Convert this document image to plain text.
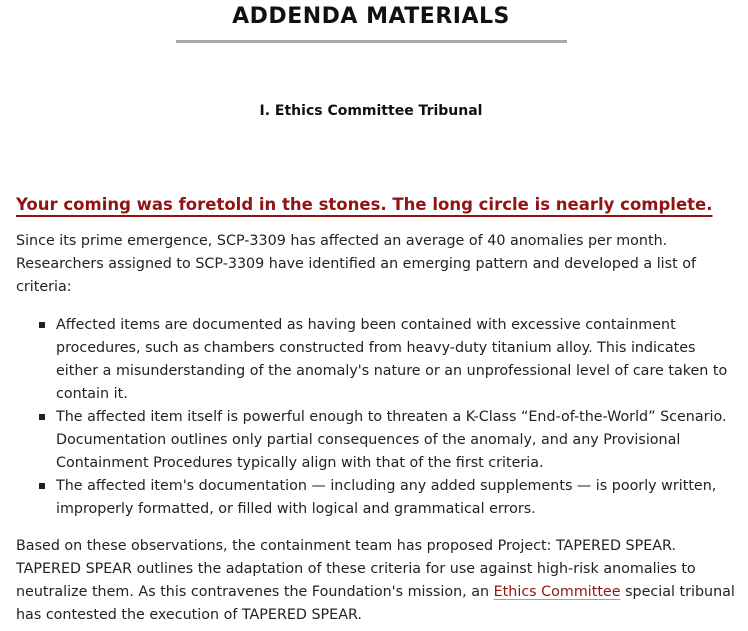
ADDENDA MATERIALS
I. Ethics Committee Tribunal
Your coming was foretold in the stones. The long circle is nearly complete.
Since its prime emergence, SCP-3309 has affected an average of 40 anomalies per month. Researchers assigned to SCP-3309 have identified an emerging pattern and developed a list of criteria:
Affected items are documented as having been contained with excessive containment procedures, such as chambers constructed from heavy-duty titanium alloy. This indicates either a misunderstanding of the anomaly's nature or an unprofessional level of care taken to contain it.
The affected item itself is powerful enough to threaten a K-Class “End-of-the-World” Scenario. Documentation outlines only partial consequences of the anomaly, and any Provisional Containment Procedures typically align with that of the first criteria.
The affected item's documentation — including any added supplements — is poorly written, improperly formatted, or filled with logical and grammatical errors.
Based on these observations, the containment team has proposed Project: TAPERED SPEAR. TAPERED SPEAR outlines the adaptation of these criteria for use against high-risk anomalies to neutralize them. As this contravenes the Foundation's mission, an Ethics Committee special tribunal has contested the execution of TAPERED SPEAR.
